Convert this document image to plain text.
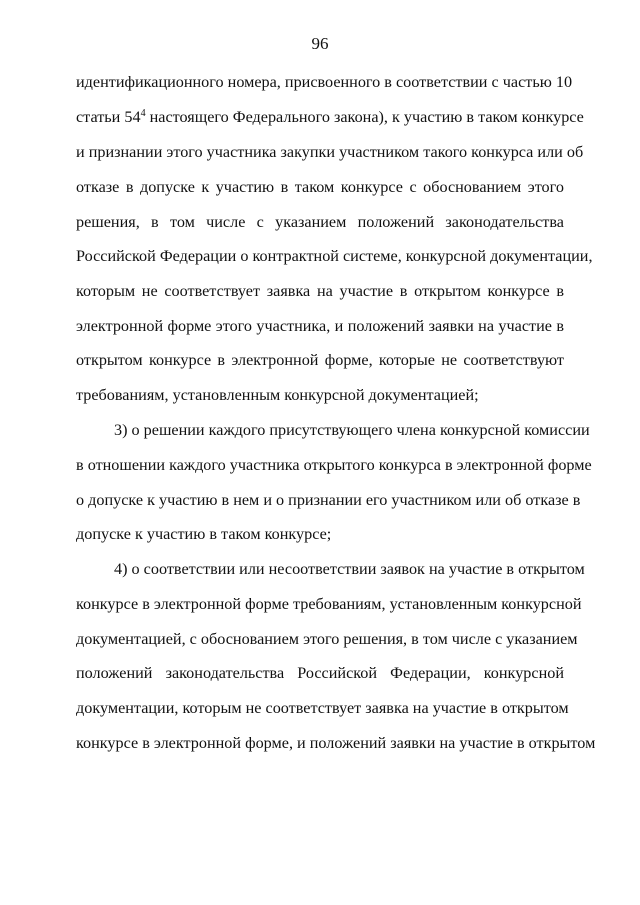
96
идентификационного номера, присвоенного в соответствии с частью 10
статьи $54^4$ настоящего Федерального закона), к участию в таком конкурсе
и признании этого участника закупки участником такого конкурса или об
отказе в допуске к участию в таком конкурсе с обоснованием этого
решения, в том числе с указанием положений законодательства
Российской Федерации о контрактной системе, конкурсной документации,
которым не соответствует заявка на участие в открытом конкурсе в
электронной форме этого участника, и положений заявки на участие в
открытом конкурсе в электронной форме, которые не соответствуют
требованиям, установленным конкурсной документацией;
3) о решении каждого присутствующего члена конкурсной комиссии
в отношении каждого участника открытого конкурса в электронной форме
о допуске к участию в нем и о признании его участником или об отказе в
допуске к участию в таком конкурсе;
4) о соответствии или несоответствии заявок на участие в открытом
конкурсе в электронной форме требованиям, установленным конкурсной
документацией, с обоснованием этого решения, в том числе с указанием
положений законодательства Российской Федерации, конкурсной
документации, которым не соответствует заявка на участие в открытом
конкурсе в электронной форме, и положений заявки на участие в открытом
